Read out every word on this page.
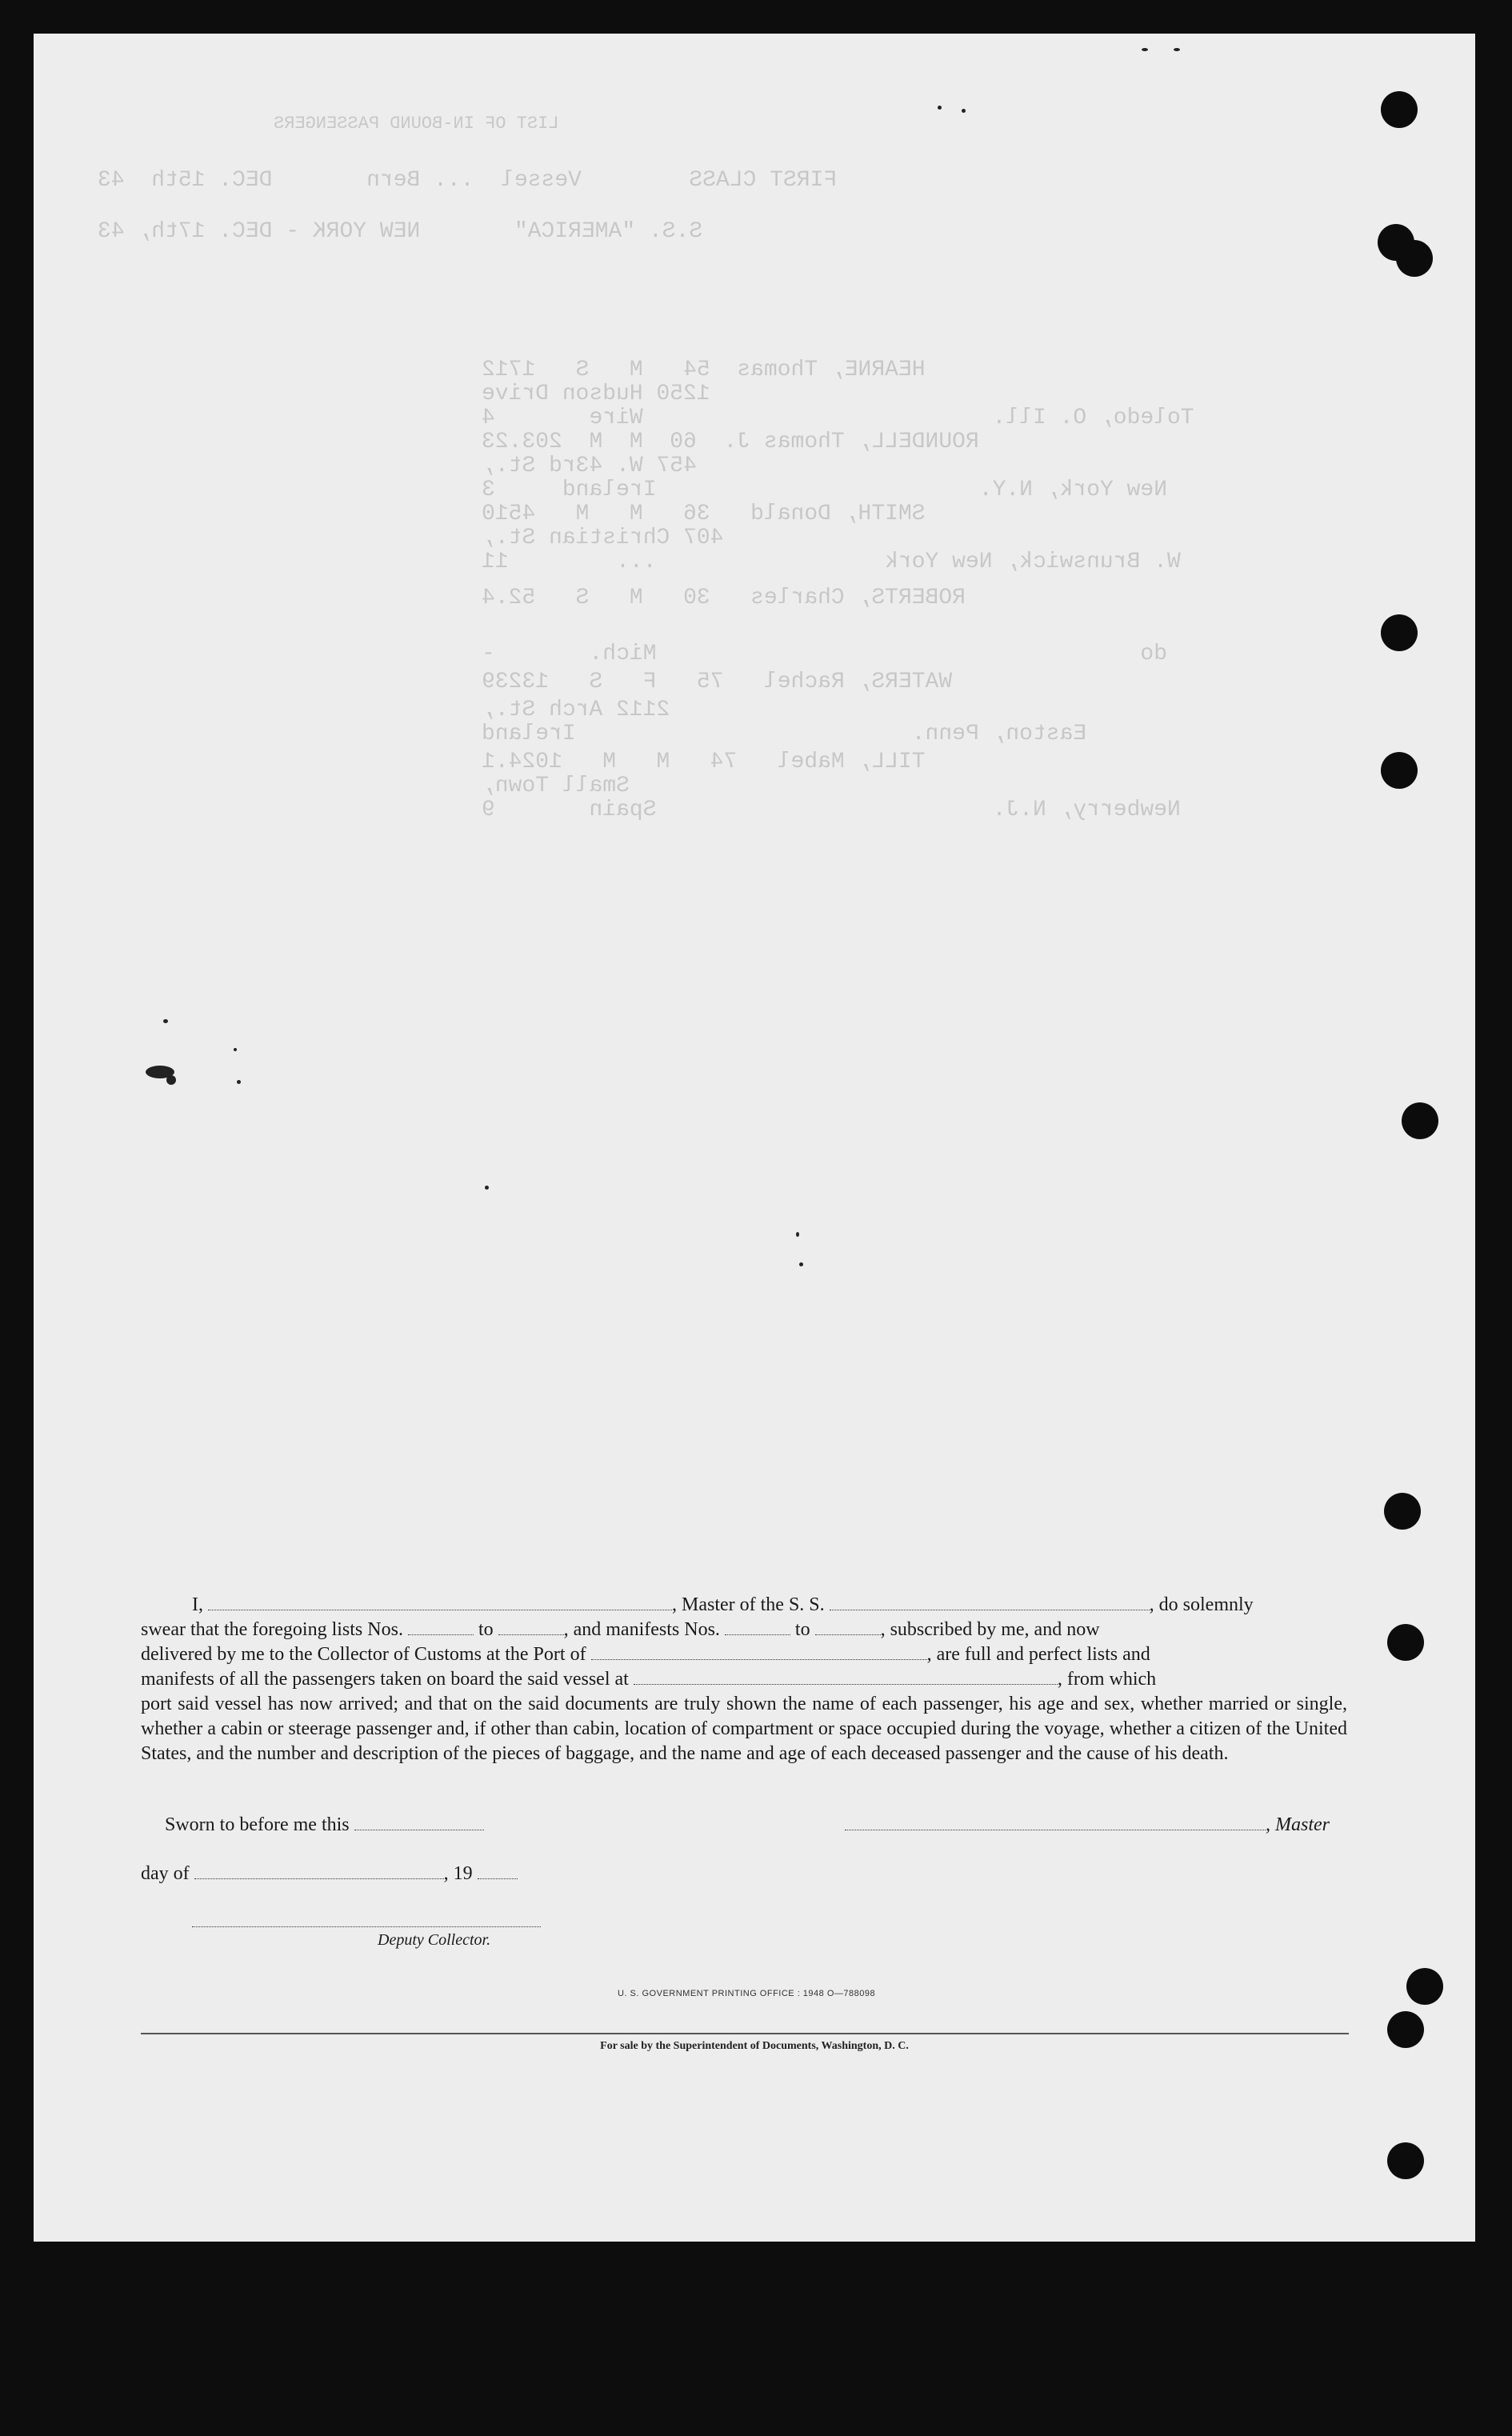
LIST OF IN-BOUND PASSENGERS
FIRST CLASS        Vessel  ... Bern       DEC. 15th  43
S.S. "AMERICA"       NEW YORK - DEC. 17th, 43
HEARNE, Thomas  54   M   S   1712
1250 Hudson Drive
Toledo, O. Ill.                          Wire       4
ROUNDELL, Thomas J.  60  M  M  203.23
457 W. 43rd St.,
New York, N.Y.                        Ireland     3
SMITH, Donald   36   M   M   4510
407 Christian St.,
W. Brunswick, New York                 ...        11
ROBERTS, Charles   30   M   S   52.4
do                                    Mich.       -
WATERS, Rachel   75   F   S   13239
2112 Arch St.,
Easton, Penn.                         Ireland
TILL, Mabel   74   M   M   1024.1
Small Town,
Newberry, N.J.                         Spain       9

I,	, Master of the S. S.	, do solemnly

swear that the foregoing lists Nos.	to	, and manifests Nos.	to	, subscribed by me, and now

delivered by me to the Collector of Customs at the Port of	, are full and perfect lists and

manifests of all the passengers taken on board the said vessel at	, from which

port said vessel has now arrived; and that on the said documents are truly shown the name of each passenger, his age and sex, whether married or single, whether a cabin or steerage passenger and, if other than cabin, location of compartment or space occupied during the voyage, whether a citizen of the United States, and the number and description of the pieces of baggage, and the name and age of each deceased passenger and the cause of his death.

Sworn to before me this	, Master
day of	, 19
Deputy Collector.
U. S. GOVERNMENT PRINTING OFFICE : 1948 O—788098
For sale by the Superintendent of Documents, Washington, D. C.
